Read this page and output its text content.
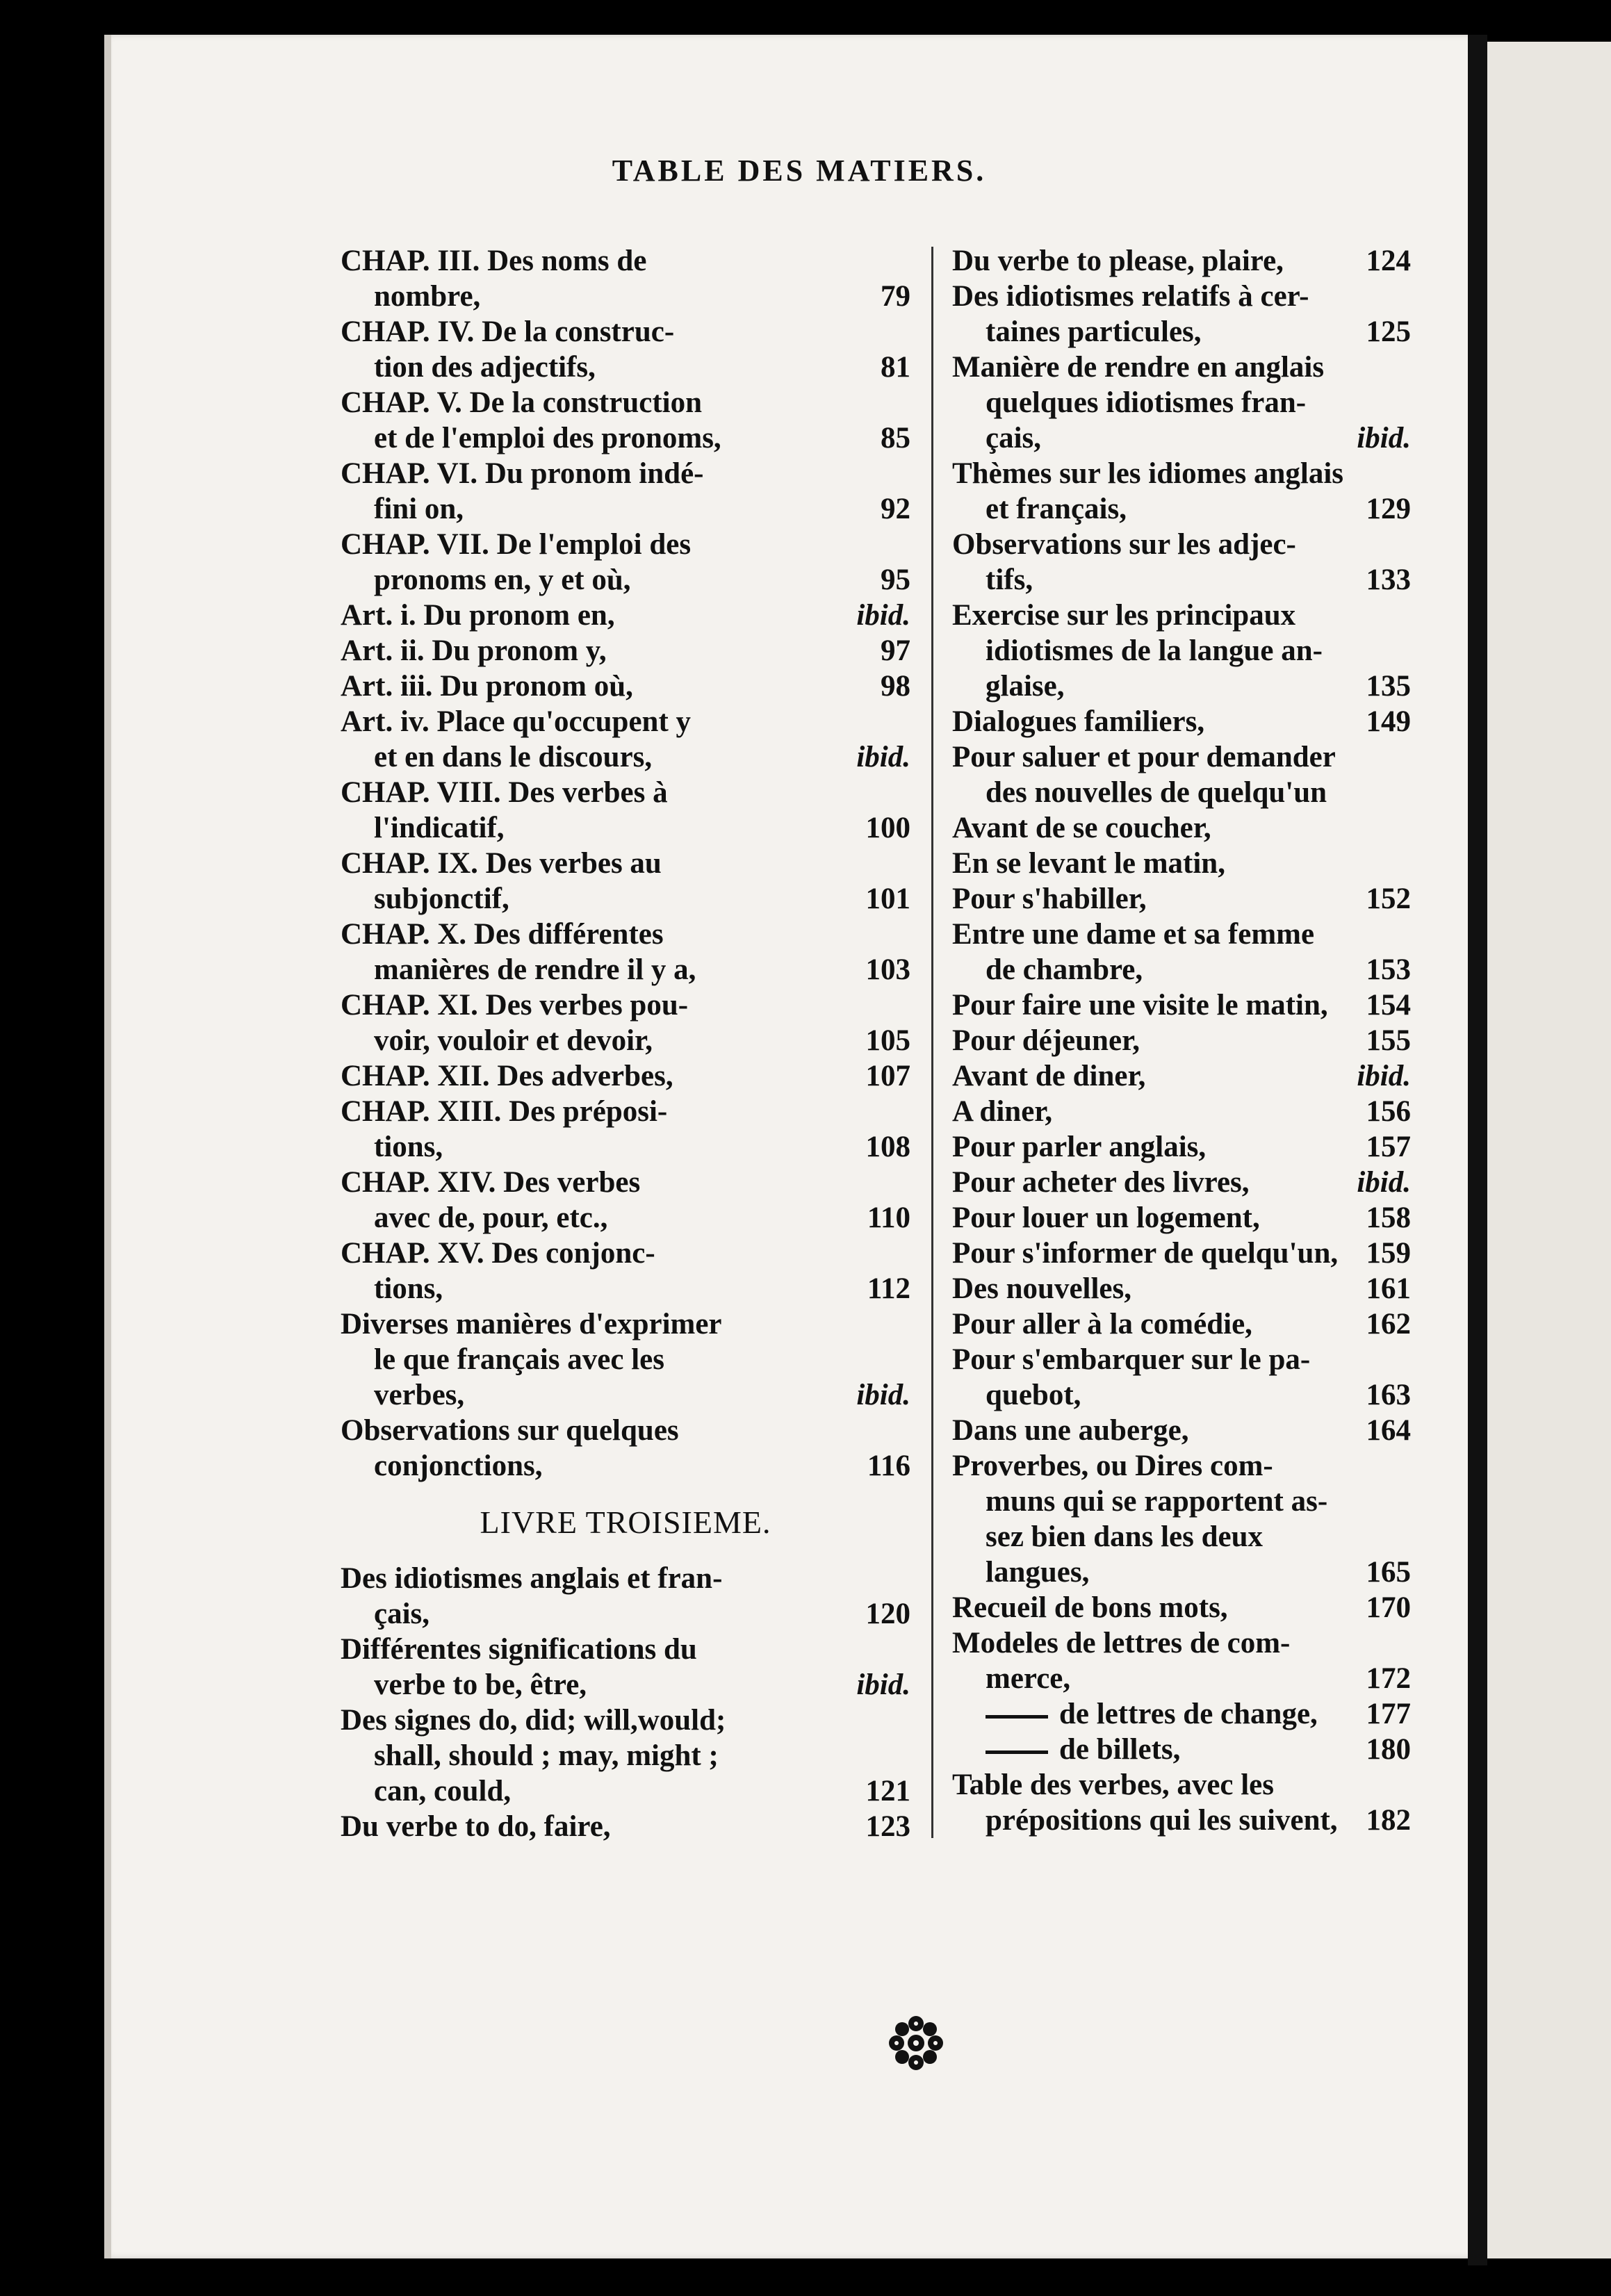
TABLE DES MATIERS.
CHAP. III. Des noms de
nombre,	79
CHAP. IV. De la construc-
tion des adjectifs,	81
CHAP. V. De la construction
et de l'emploi des pronoms,	85
CHAP. VI. Du pronom indé-
fini on,	92
CHAP. VII. De l'emploi des
pronoms en, y et où,	95
Art. i. Du pronom en,	ibid.
Art. ii. Du pronom y,	97
Art. iii. Du pronom où,	98
Art. iv. Place qu'occupent y
et en dans le discours,	ibid.
CHAP. VIII. Des verbes à
l'indicatif,	100
CHAP. IX. Des verbes au
subjonctif,	101
CHAP. X. Des différentes
manières de rendre il y a,	103
CHAP. XI. Des verbes pou-
voir, vouloir et devoir,	105
CHAP. XII. Des adverbes,	107
CHAP. XIII. Des préposi-
tions,	108
CHAP. XIV. Des verbes
avec de, pour, etc.,	110
CHAP. XV. Des conjonc-
tions,	112
Diverses manières d'exprimer
le que français avec les
verbes,	ibid.
Observations sur quelques
conjonctions,	116
LIVRE TROISIEME.
Des idiotismes anglais et fran-
çais,	120
Différentes significations du
verbe to be, être,	ibid.
Des signes do, did; will,would;
shall, should ; may, might ;
can, could,	121
Du verbe to do, faire,	123
Du verbe to please, plaire,	124
Des idiotismes relatifs à cer-
taines particules,	125
Manière de rendre en anglais
quelques idiotismes fran-
çais,	ibid.
Thèmes sur les idiomes anglais
et français,	129
Observations sur les adjec-
tifs,	133
Exercise sur les principaux
idiotismes de la langue an-
glaise,	135
Dialogues familiers,	149
Pour saluer et pour demander
des nouvelles de quelqu'un
Avant de se coucher,
En se levant le matin,
Pour s'habiller,	152
Entre une dame et sa femme
de chambre,	153
Pour faire une visite le matin, 154
Pour déjeuner,	155
Avant de diner,	ibid.
A diner,	156
Pour parler anglais,	157
Pour acheter des livres,	ibid.
Pour louer un logement,	158
Pour s'informer de quelqu'un, 159
Des nouvelles,	161
Pour aller à la comédie,	162
Pour s'embarquer sur le pa-
quebot,	163
Dans une auberge,	164
Proverbes, ou Dires com-
muns qui se rapportent as-
sez bien dans les deux
langues,	165
Recueil de bons mots,	170
Modeles de lettres de com-
merce,	172
de lettres de change, 177
de billets,	180
Table des verbes, avec les
prépositions qui les suivent, 182
